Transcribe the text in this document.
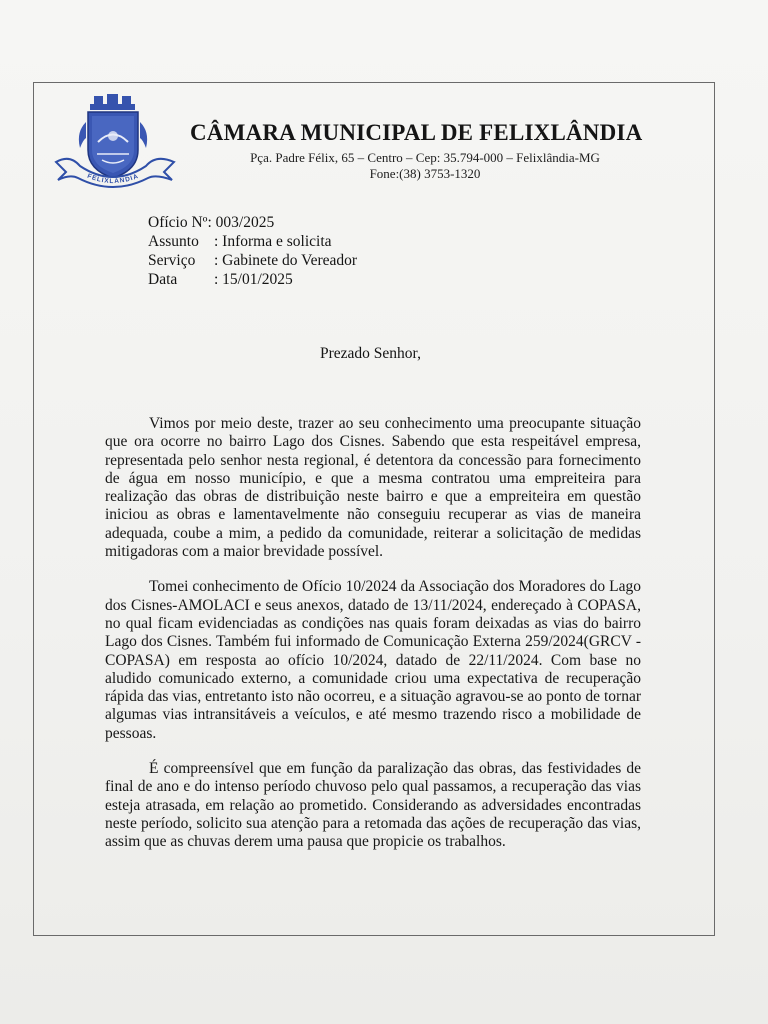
FELIXLÂNDIA
CÂMARA MUNICIPAL DE FELIXLÂNDIA
Pça. Padre Félix, 65 – Centro – Cep: 35.794-000 – Felixlândia-MG
Fone:(38) 3753-1320
Ofício Nº: 003/2025
Assunto : Informa e solicita
Serviço : Gabinete do Vereador
Data : 15/01/2025
Prezado Senhor,

Vimos por meio deste, trazer ao seu conhecimento uma preocupante situação que ora ocorre no bairro Lago dos Cisnes. Sabendo que esta respeitável empresa, representada pelo senhor nesta regional, é detentora da concessão para fornecimento de água em nosso município, e que a mesma contratou uma empreiteira para realização das obras de distribuição neste bairro e que a empreiteira em questão iniciou as obras e lamentavelmente não conseguiu recuperar as vias de maneira adequada, coube a mim, a pedido da comunidade, reiterar a solicitação de medidas mitigadoras com a maior brevidade possível.

Tomei conhecimento de Ofício 10/2024 da Associação dos Moradores do Lago dos Cisnes-AMOLACI e seus anexos, datado de 13/11/2024, endereçado à COPASA, no qual ficam evidenciadas as condições nas quais foram deixadas as vias do bairro Lago dos Cisnes. Também fui informado de Comunicação Externa 259/2024(GRCV - COPASA) em resposta ao ofício 10/2024, datado de 22/11/2024. Com base no aludido comunicado externo, a comunidade criou uma expectativa de recuperação rápida das vias, entretanto isto não ocorreu, e a situação agravou-se ao ponto de tornar algumas vias intransitáveis a veículos, e até mesmo trazendo risco a mobilidade de pessoas.

É compreensível que em função da paralização das obras, das festividades de final de ano e do intenso período chuvoso pelo qual passamos, a recuperação das vias esteja atrasada, em relação ao prometido. Considerando as adversidades encontradas neste período, solicito sua atenção para a retomada das ações de recuperação das vias, assim que as chuvas derem uma pausa que propicie os trabalhos.
